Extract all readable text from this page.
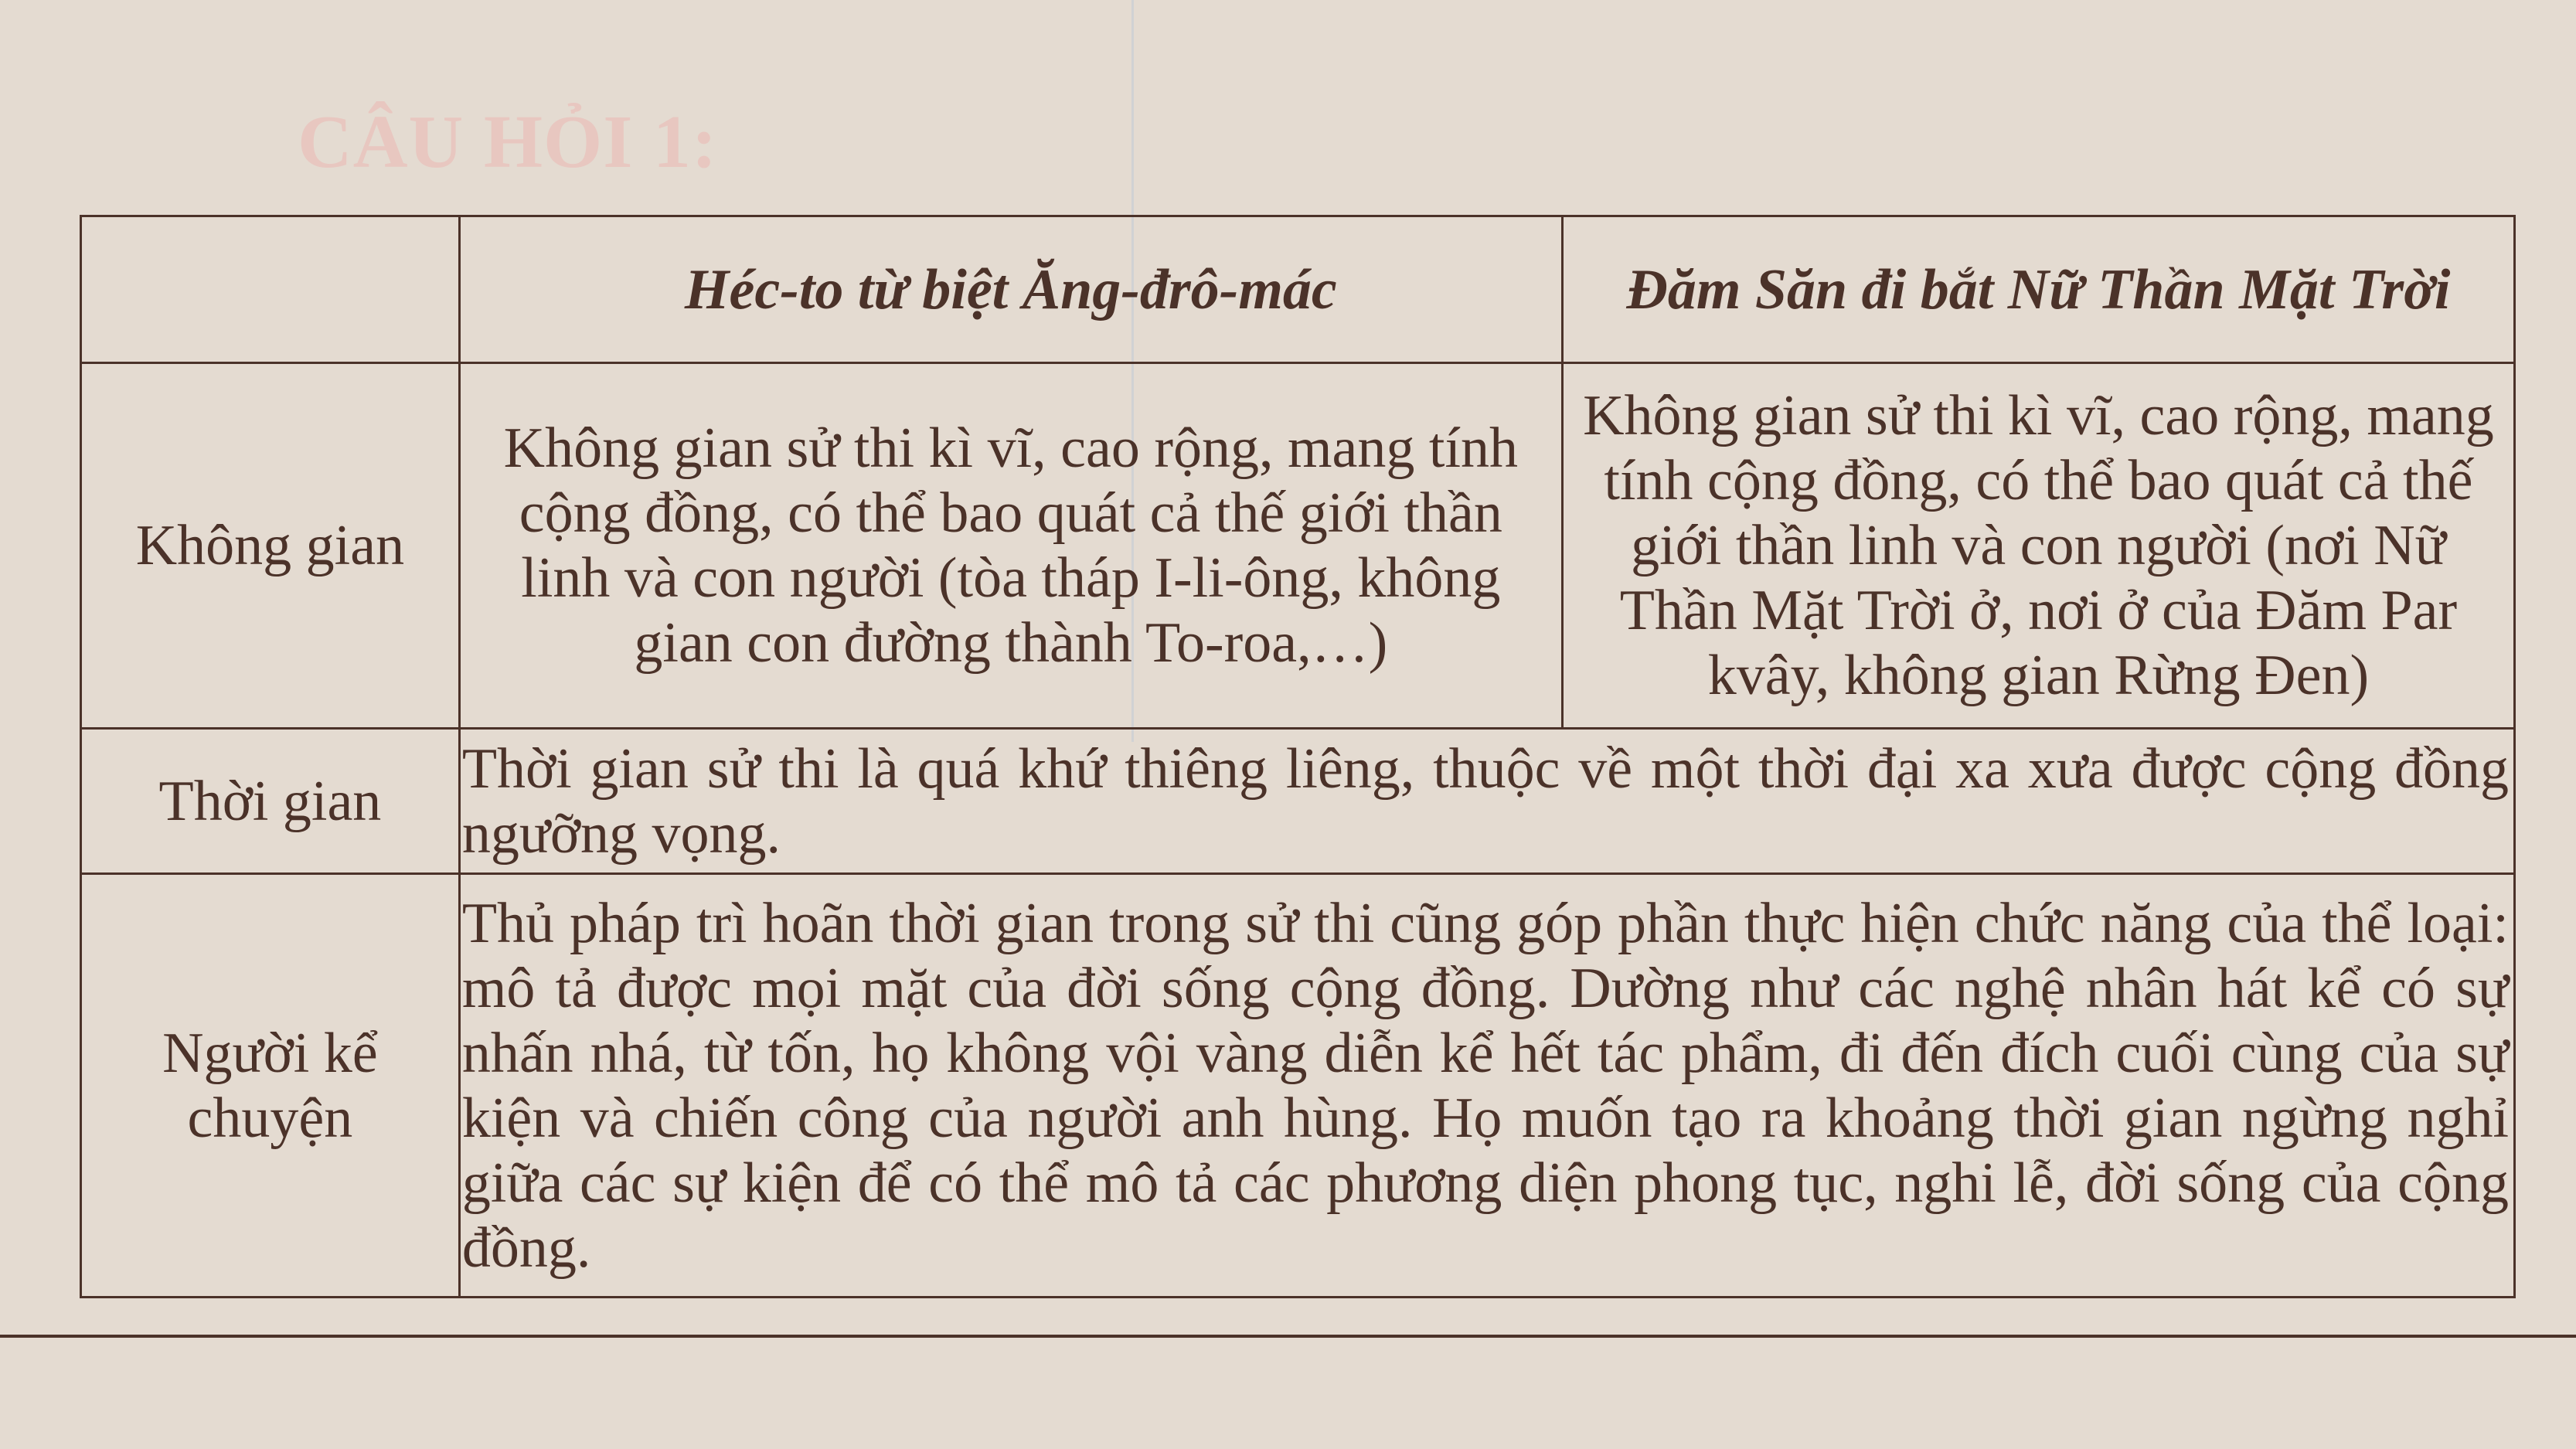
CÂU HỎI 1:
	Héc-to từ biệt Ăng-đrô-mác	Đăm Săn đi bắt Nữ Thần Mặt Trời
Không gian	Không gian sử thi kì vĩ, cao rộng, mang tính cộng đồng, có thể bao quát cả thế giới thần linh và con người (tòa tháp I-li-ông, không gian con đường thành To-roa,…)	Không gian sử thi kì vĩ, cao rộng, mang tính cộng đồng, có thể bao quát cả thế giới thần linh và con người (nơi Nữ Thần Mặt Trời ở, nơi ở của Đăm Par kvây, không gian Rừng Đen)
Thời gian	Thời gian sử thi là quá khứ thiêng liêng, thuộc về một thời đại xa xưa được cộng đồng ngưỡng vọng.	
Người kể chuyện	Thủ pháp trì hoãn thời gian trong sử thi cũng góp phần thực hiện chức năng của thể loại: mô tả được mọi mặt của đời sống cộng đồng. Dường như các nghệ nhân hát kể có sự nhấn nhá, từ tốn, họ không vội vàng diễn kể hết tác phẩm, đi đến đích cuối cùng của sự kiện và chiến công của người anh hùng. Họ muốn tạo ra khoảng thời gian ngừng nghỉ giữa các sự kiện để có thể mô tả các phương diện phong tục, nghi lễ, đời sống của cộng đồng.	
